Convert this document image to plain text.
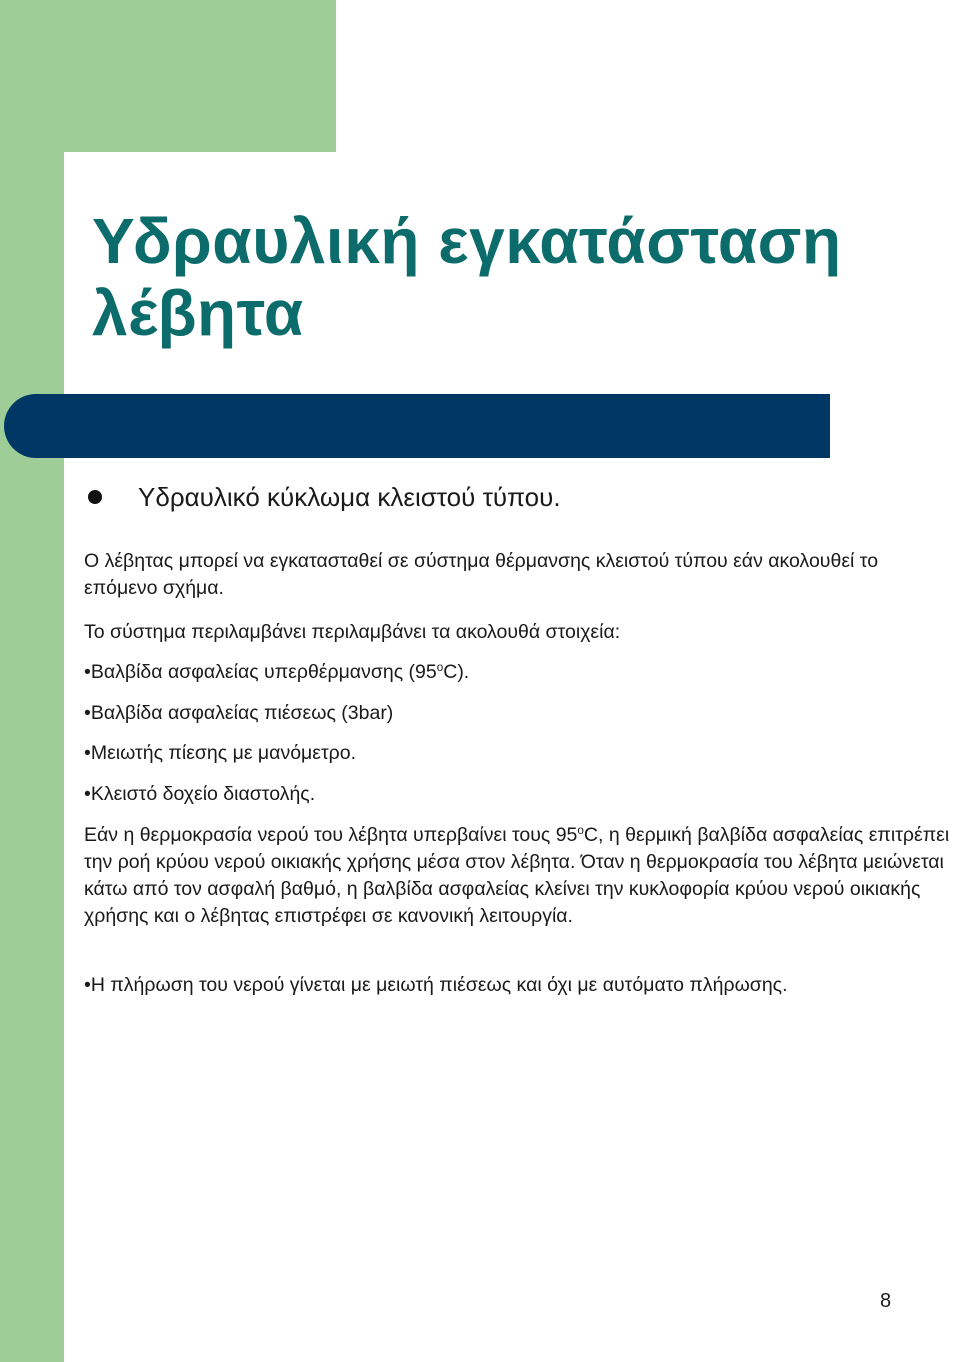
Υδραυλική εγκατάσταση
λέβητα
Υδραυλικό κύκλωμα κλειστού τύπου.

Ο λέβητας μπορεί να εγκατασταθεί σε σύστημα θέρμανσης κλειστού τύπου εάν ακολουθεί το επόμενο σχήμα.

Το σύστημα περιλαμβάνει περιλαμβάνει τα ακολουθά στοιχεία:

•Βαλβίδα ασφαλείας υπερθέρμανσης $(95^oC)$.

•Βαλβίδα ασφαλείας πιέσεως (3bar)

•Μειωτής πίεσης με μανόμετρο.

•Κλειστό δοχείο διαστολής.

Εάν η θερμοκρασία νερού του λέβητα υπερβαίνει τους $95^oC$, η θερμική βαλβίδα ασφαλείας επιτρέπει την ροή κρύου νερού οικιακής χρήσης μέσα στον λέβητα. Όταν η θερμοκρασία του λέβητα μειώνεται κάτω από τον ασφαλή βαθμό, η βαλβίδα ασφαλείας κλείνει την κυκλοφορία κρύου νερού οικιακής χρήσης και ο λέβητας επιστρέφει σε κανονική λειτουργία.

•Η πλήρωση του νερού γίνεται με μειωτή πιέσεως και όχι με αυτόματο πλήρωσης.

8
